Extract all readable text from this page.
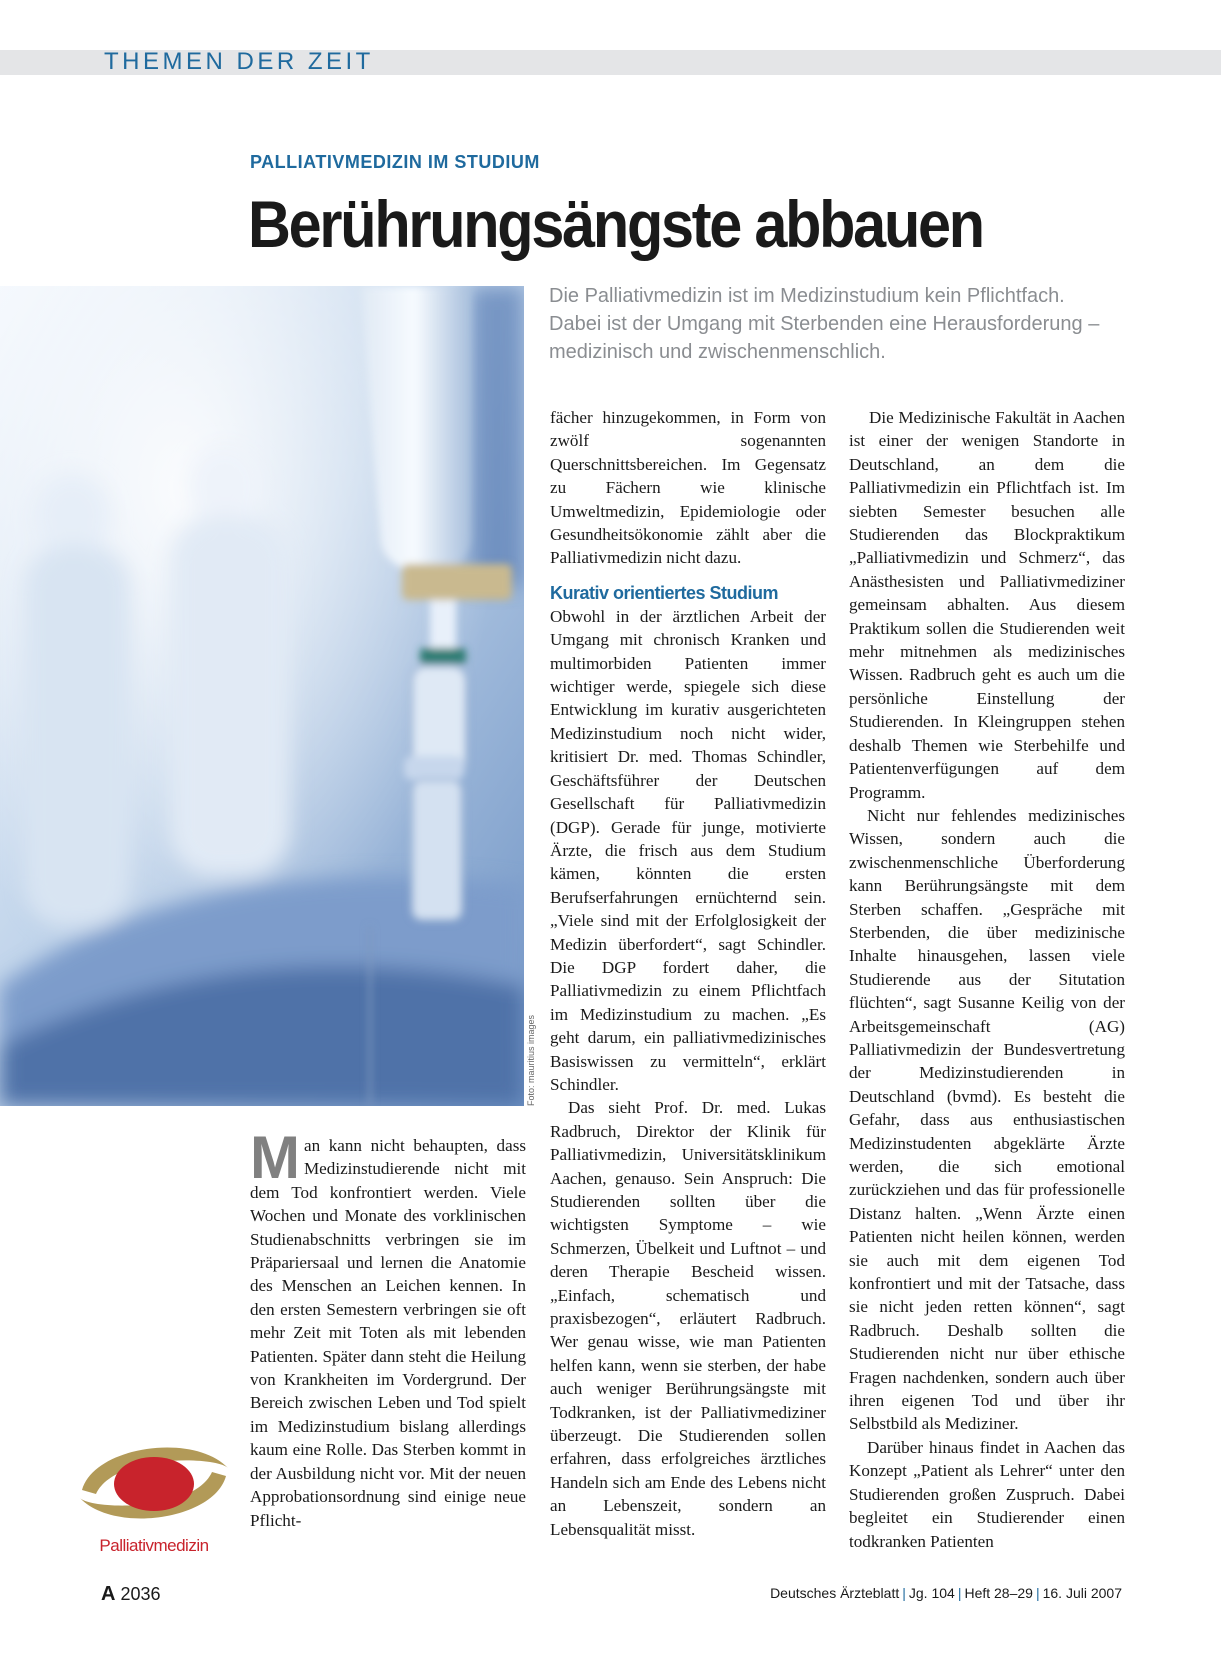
THEMEN DER ZEIT
PALLIATIVMEDIZIN IM STUDIUM
Berührungsängste abbauen
Die Palliativmedizin ist im Medizinstudium kein Pflichtfach. Dabei ist der Umgang mit Sterbenden eine Herausforderung – medizinisch und zwischenmenschlich.
Foto: mauritius images

Man kann nicht behaupten, dass Medizinstudierende nicht mit dem Tod konfrontiert werden. Viele Wochen und Monate des vorklinischen Studienabschnitts verbringen sie im Präpariersaal und lernen die Anatomie des Menschen an Leichen kennen. In den ersten Semestern verbringen sie oft mehr Zeit mit Toten als mit lebenden Patienten. Später dann steht die Heilung von Krankheiten im Vordergrund. Der Bereich zwischen Leben und Tod spielt im Medizinstudium bislang allerdings kaum eine Rolle. Das Sterben kommt in der Ausbildung nicht vor. Mit der neuen Approbationsordnung sind einige neue Pflicht-

fächer hinzugekommen, in Form von zwölf sogenannten Querschnittsbereichen. Im Gegensatz zu Fächern wie klinische Umweltmedizin, Epidemiologie oder Gesundheitsökonomie zählt aber die Palliativmedizin nicht dazu.

Kurativ orientiertes Studium

Obwohl in der ärztlichen Arbeit der Umgang mit chronisch Kranken und multimorbiden Patienten immer wichtiger werde, spiegele sich diese Entwicklung im kurativ ausgerichteten Medizinstudium noch nicht wider, kritisiert Dr. med. Thomas Schindler, Geschäftsführer der Deutschen Gesellschaft für Palliativmedizin (DGP). Gerade für junge, motivierte Ärzte, die frisch aus dem Studium kämen, könnten die ersten Berufserfahrungen ernüchternd sein. „Viele sind mit der Erfolglosigkeit der Medizin überfordert“, sagt Schindler. Die DGP fordert daher, die Palliativmedizin zu einem Pflichtfach im Medizinstudium zu machen. „Es geht darum, ein palliativmedizinisches Basiswissen zu vermitteln“, erklärt Schindler.

Das sieht Prof. Dr. med. Lukas Radbruch, Direktor der Klinik für Palliativmedizin, Universitätsklinikum Aachen, genauso. Sein Anspruch: Die Studierenden sollten über die wichtigsten Symptome – wie Schmerzen, Übelkeit und Luftnot – und deren Therapie Bescheid wissen. „Einfach, schematisch und praxisbezogen“, erläutert Radbruch. Wer genau wisse, wie man Patienten helfen kann, wenn sie sterben, der habe auch weniger Berührungsängste mit Todkranken, ist der Palliativmediziner überzeugt. Die Studierenden sollen erfahren, dass erfolgreiches ärztliches Handeln sich am Ende des Lebens nicht an Lebenszeit, sondern an Lebensqualität misst.

Die Medizinische Fakultät in Aachen ist einer der wenigen Standorte in Deutschland, an dem die Palliativmedizin ein Pflichtfach ist. Im siebten Semester besuchen alle Studierenden das Blockpraktikum „Palliativmedizin und Schmerz“, das Anästhesisten und Palliativmediziner gemeinsam abhalten. Aus diesem Praktikum sollen die Studierenden weit mehr mitnehmen als medizinisches Wissen. Radbruch geht es auch um die persönliche Einstellung der Studierenden. In Kleingruppen stehen deshalb Themen wie Sterbehilfe und Patientenverfügungen auf dem Programm.

Nicht nur fehlendes medizinisches Wissen, sondern auch die zwischenmenschliche Überforderung kann Berührungsängste mit dem Sterben schaffen. „Gespräche mit Sterbenden, die über medizinische Inhalte hinausgehen, lassen viele Studierende aus der Situtation flüchten“, sagt Susanne Keilig von der Arbeitsgemeinschaft (AG) Palliativmedizin der Bundesvertretung der Medizinstudierenden in Deutschland (bvmd). Es besteht die Gefahr, dass aus enthusiastischen Medizinstudenten abgeklärte Ärzte werden, die sich emotional zurückziehen und das für professionelle Distanz halten. „Wenn Ärzte einen Patienten nicht heilen können, werden sie auch mit dem eigenen Tod konfrontiert und mit der Tatsache, dass sie nicht jeden retten können“, sagt Radbruch. Deshalb sollten die Studierenden nicht nur über ethische Fragen nachdenken, sondern auch über ihren eigenen Tod und über ihr Selbstbild als Mediziner.

Darüber hinaus findet in Aachen das Konzept „Patient als Lehrer“ unter den Studierenden großen Zuspruch. Dabei begleitet ein Studierender einen todkranken Patienten

Palliativmedizin
A 2036	Deutsches Ärzteblatt | Jg. 104 | Heft 28–29 | 16. Juli 2007
